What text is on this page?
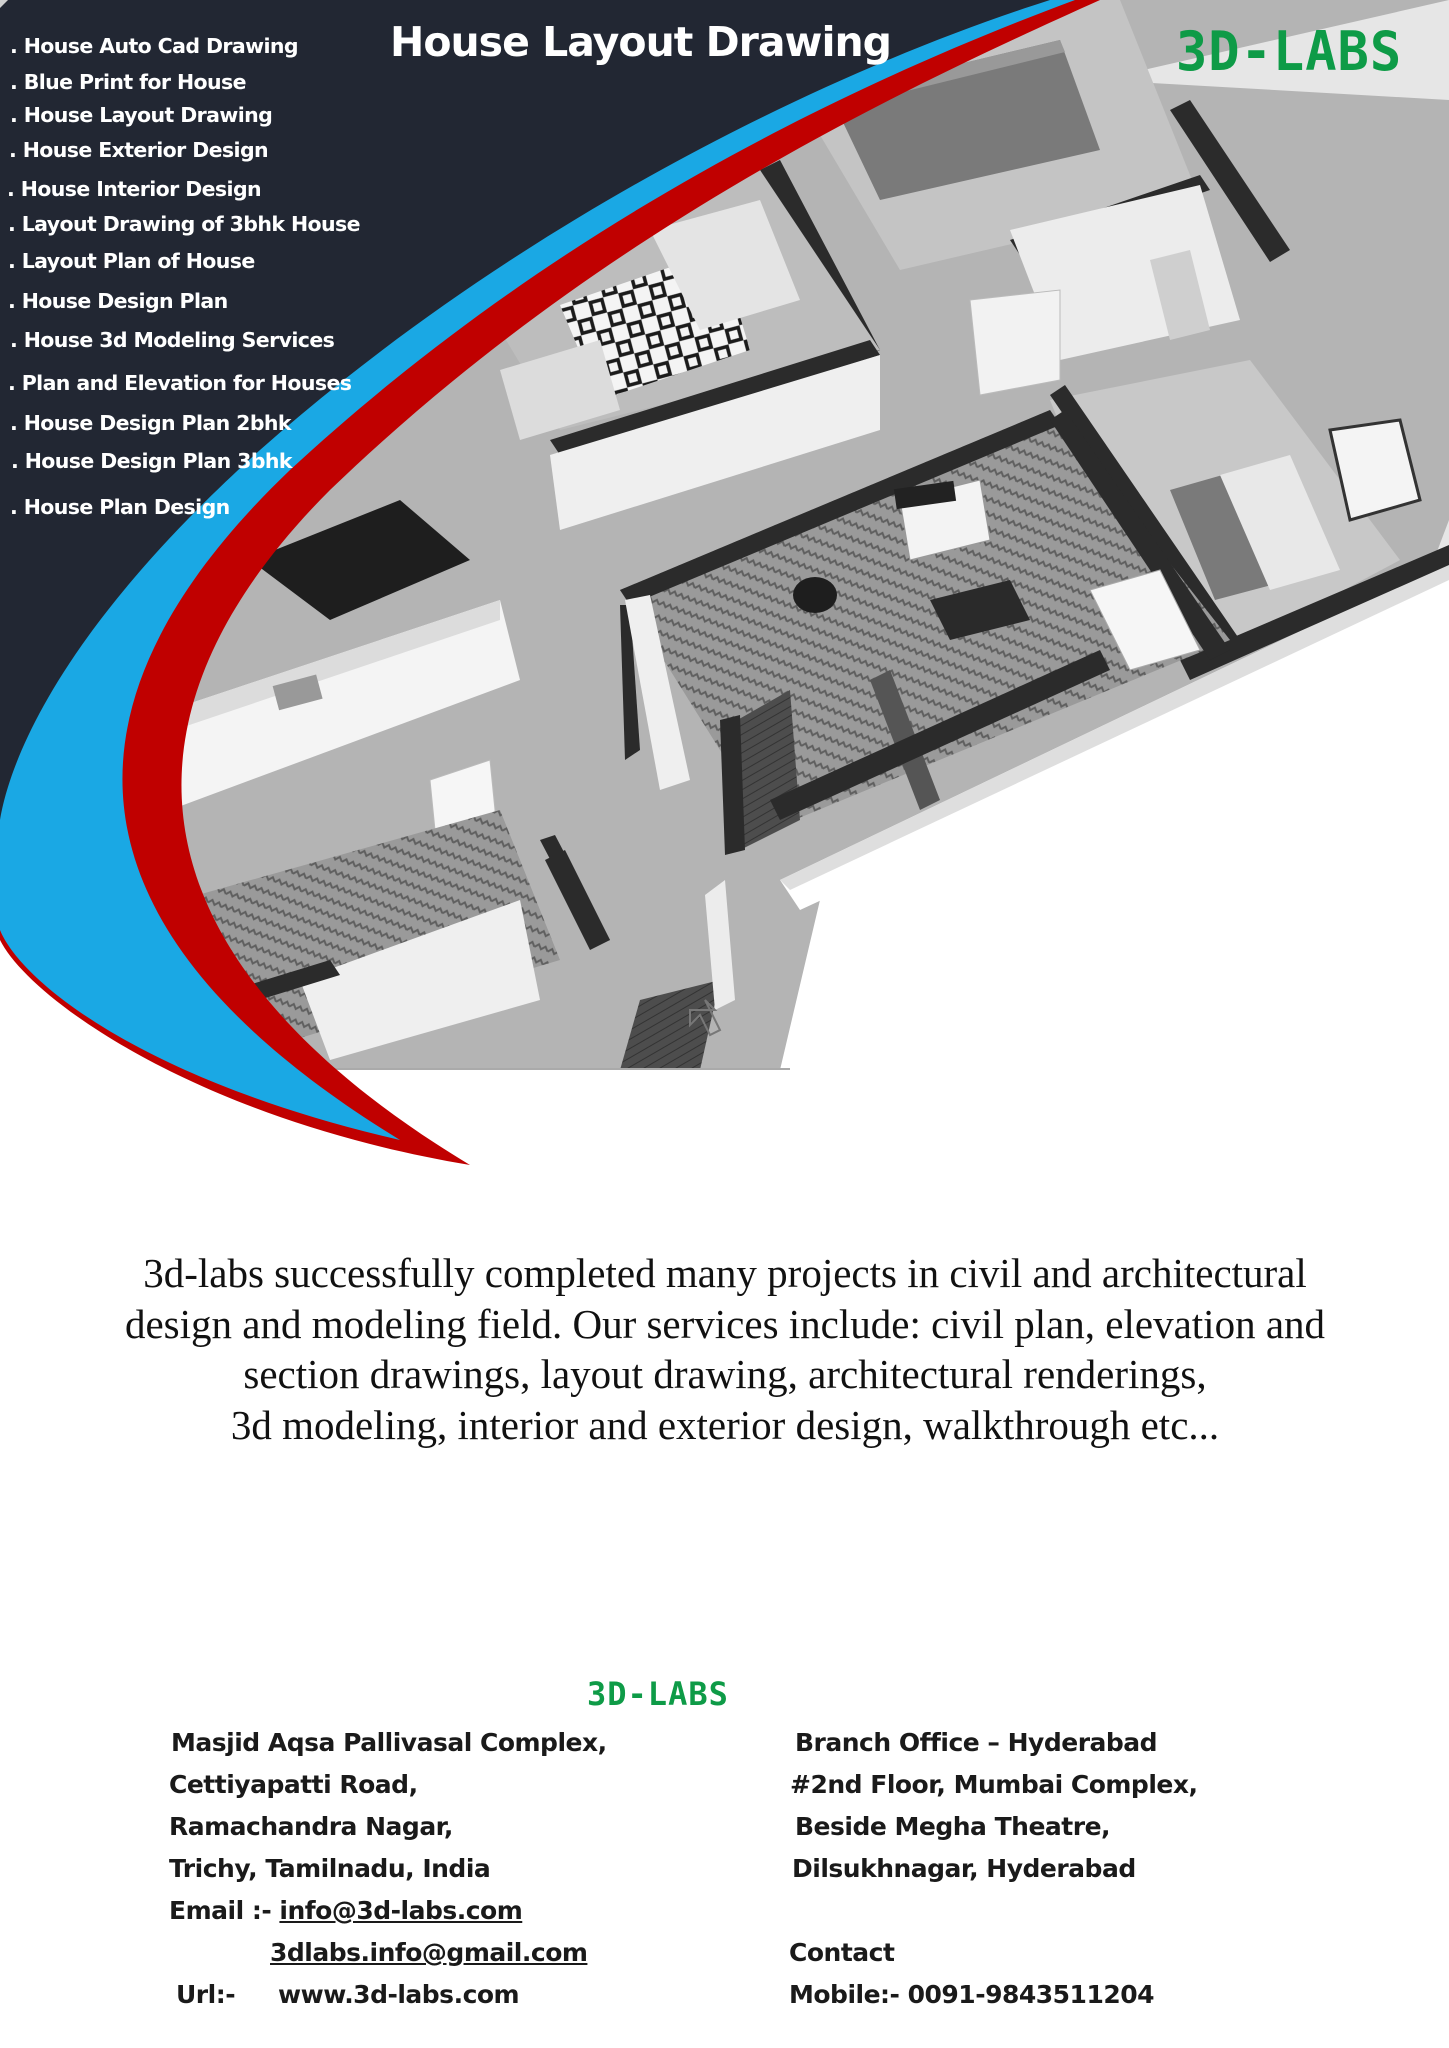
. House Auto Cad Drawing
. Blue Print for House
. House Layout Drawing
. House Exterior Design
. House Interior Design
. Layout Drawing of 3bhk House
. Layout Plan of House
. House Design Plan
. House 3d Modeling Services
. Plan and Elevation for Houses
. House Design Plan 2bhk
. House Design Plan 3bhk
. House Plan Design
House Layout Drawing	3D-LABS
3d-labs successfully completed many projects in civil and architectural
design and modeling field. Our services include: civil plan, elevation and
section drawings, layout drawing, architectural renderings,
3d modeling, interior and exterior design, walkthrough etc...
3D-LABS
Masjid Aqsa Pallivasal Complex,
Cettiyapatti Road,
Ramachandra Nagar,
Trichy, Tamilnadu, India
Email :- info@3d-labs.com
3dlabs.info@gmail.com
Url:- www.3d-labs.com
Branch Office – Hyderabad
#2nd Floor, Mumbai Complex,
Beside Megha Theatre,
Dilsukhnagar, Hyderabad
Contact
Mobile:- 0091-9843511204
